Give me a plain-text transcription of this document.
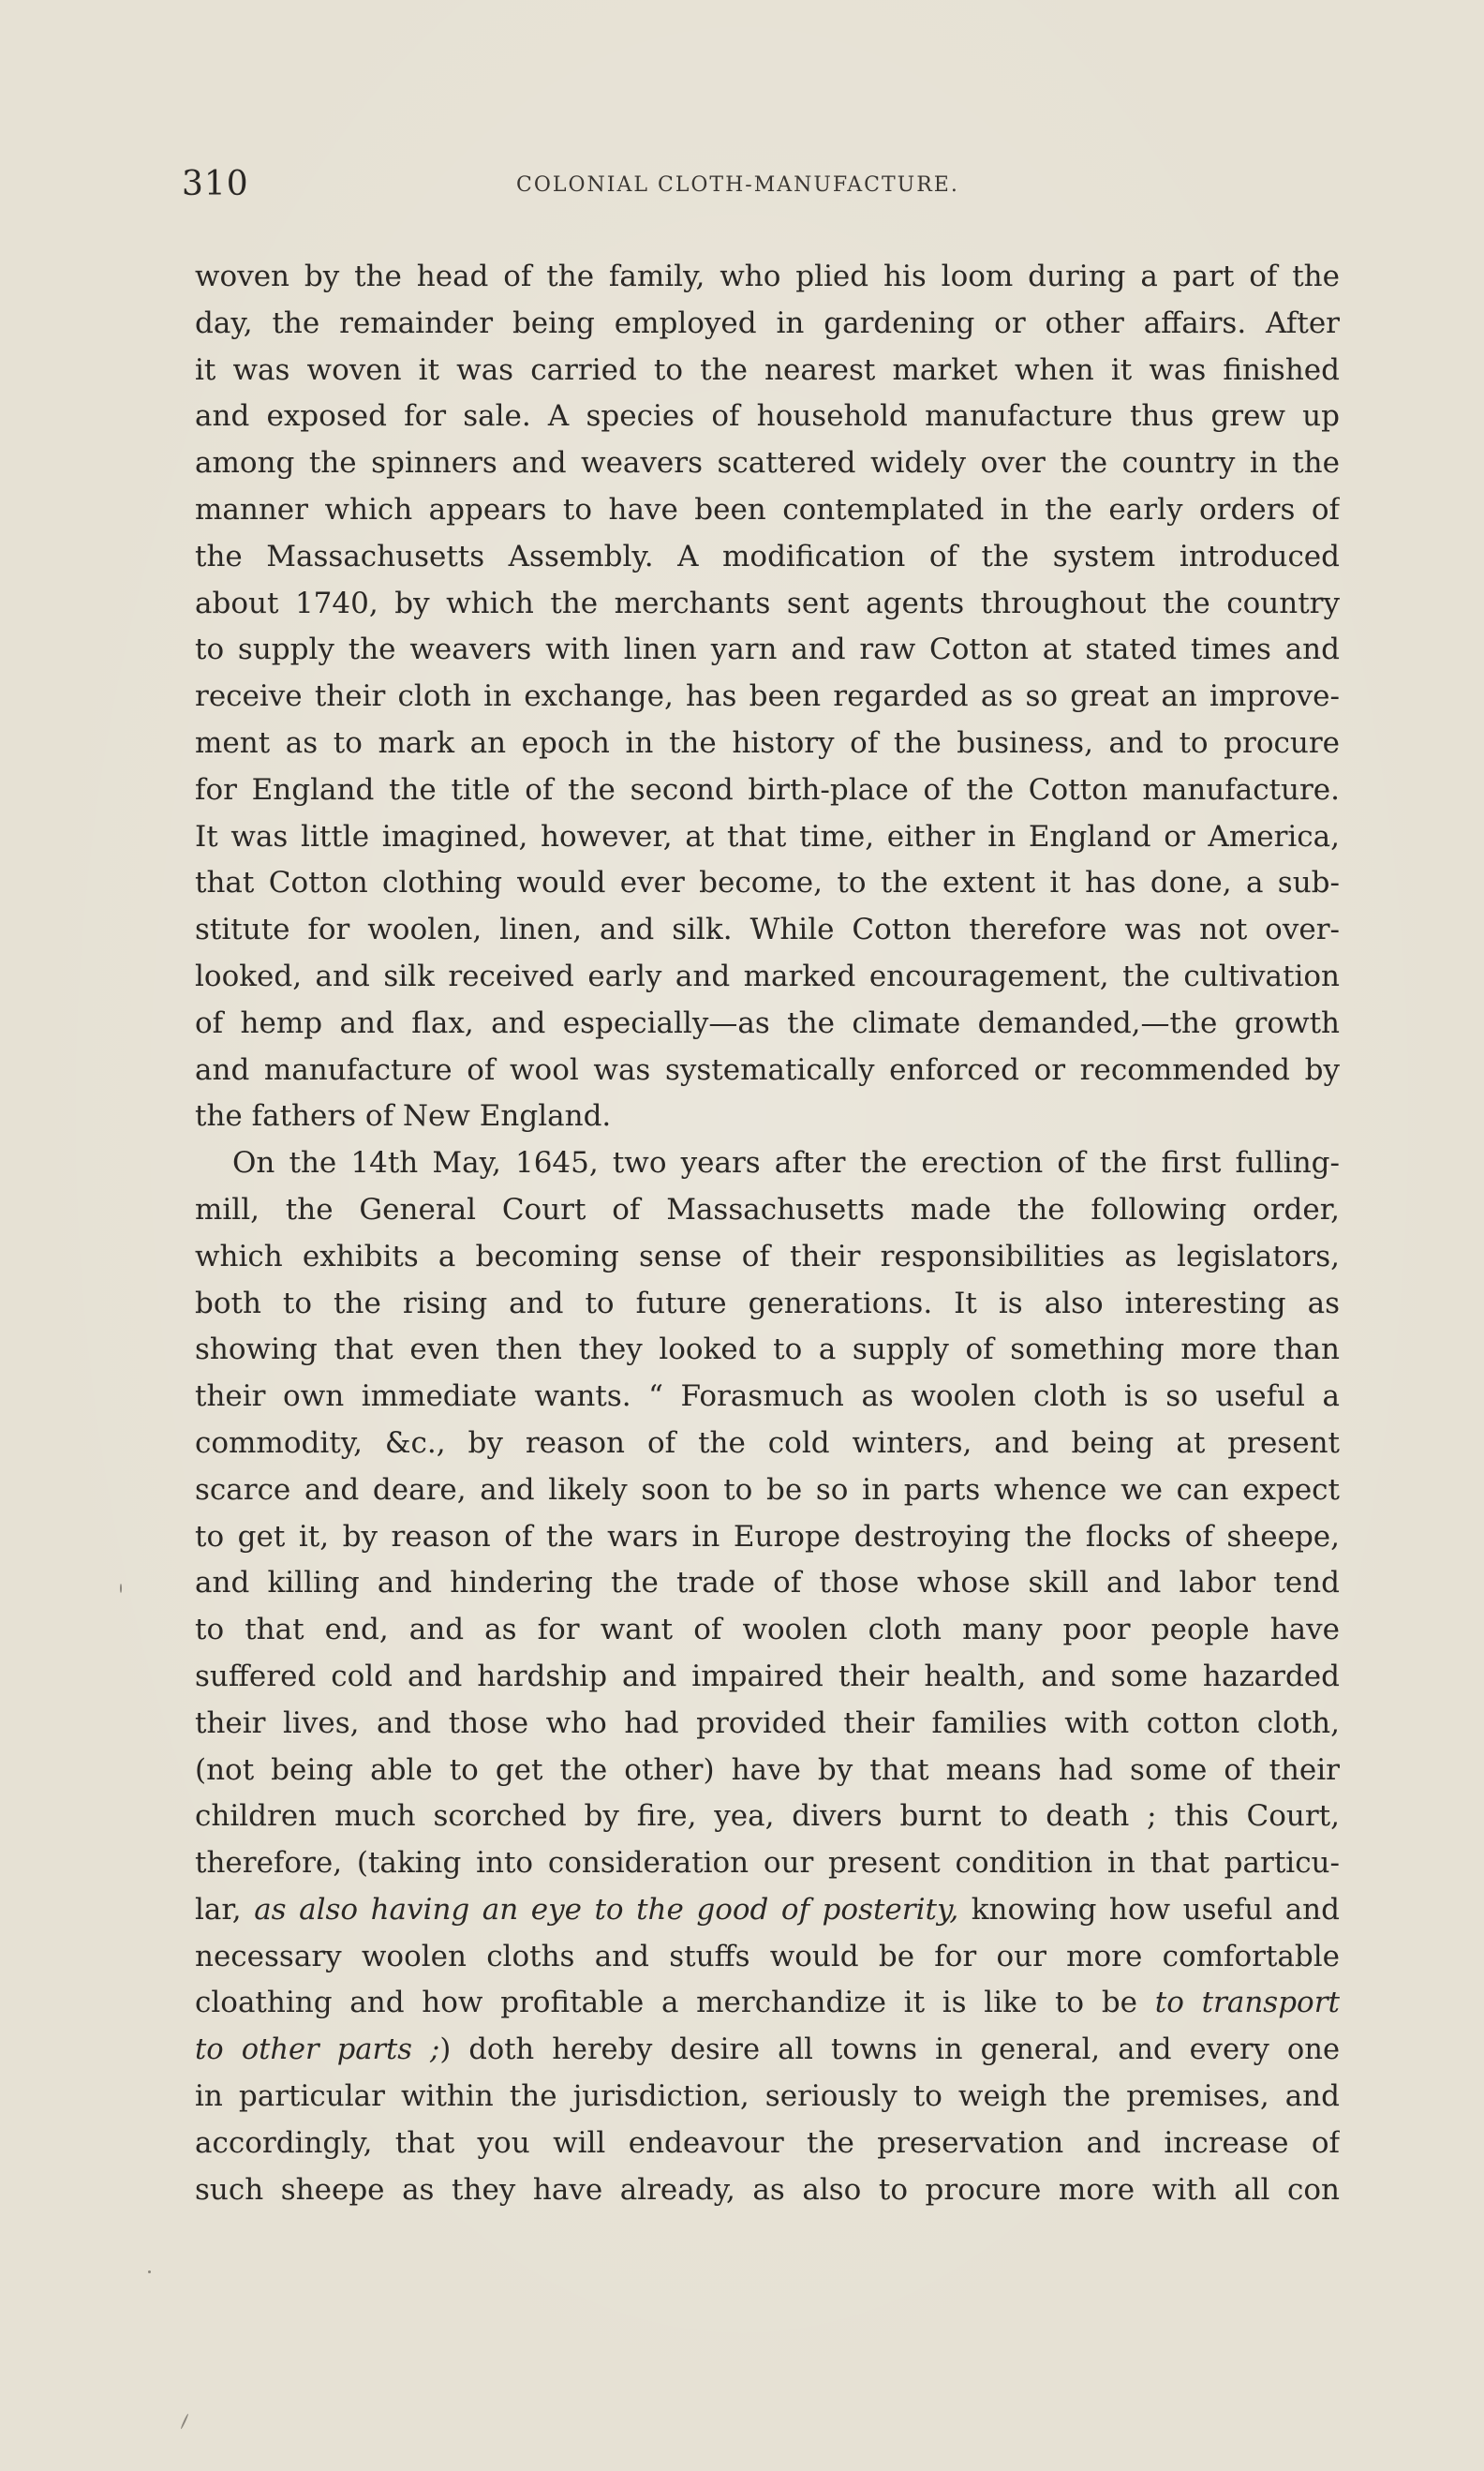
310	COLONIAL CLOTH-MANUFACTURE.
woven by the head of the family, who plied his loom during a part of the
day, the remainder being employed in gardening or other affairs. After
it was woven it was carried to the nearest market when it was finished
and exposed for sale. A species of household manufacture thus grew up
among the spinners and weavers scattered widely over the country in the
manner which appears to have been contemplated in the early orders of
the Massachusetts Assembly. A modification of the system introduced
about 1740, by which the merchants sent agents throughout the country
to supply the weavers with linen yarn and raw Cotton at stated times and
receive their cloth in exchange, has been regarded as so great an improve-
ment as to mark an epoch in the history of the business, and to procure
for England the title of the second birth-place of the Cotton manufacture.
It was little imagined, however, at that time, either in England or America,
that Cotton clothing would ever become, to the extent it has done, a sub-
stitute for woolen, linen, and silk. While Cotton therefore was not over-
looked, and silk received early and marked encouragement, the cultivation
of hemp and flax, and especially—as the climate demanded,—the growth
and manufacture of wool was systematically enforced or recommended by
the fathers of New England.
On the 14th May, 1645, two years after the erection of the first fulling-
mill, the General Court of Massachusetts made the following order,
which exhibits a becoming sense of their responsibilities as legislators,
both to the rising and to future generations. It is also interesting as
showing that even then they looked to a supply of something more than
their own immediate wants. “ Forasmuch as woolen cloth is so useful a
commodity, &c., by reason of the cold winters, and being at present
scarce and deare, and likely soon to be so in parts whence we can expect
to get it, by reason of the wars in Europe destroying the flocks of sheepe,
and killing and hindering the trade of those whose skill and labor tend
to that end, and as for want of woolen cloth many poor people have
suffered cold and hardship and impaired their health, and some hazarded
their lives, and those who had provided their families with cotton cloth,
(not being able to get the other) have by that means had some of their
children much scorched by fire, yea, divers burnt to death ; this Court,
therefore, (taking into consideration our present condition in that particu-
lar, as also having an eye to the good of posterity, knowing how useful and
necessary woolen cloths and stuffs would be for our more comfortable
cloathing and how profitable a merchandize it is like to be to transport
to other parts ;) doth hereby desire all towns in general, and every one
in particular within the jurisdiction, seriously to weigh the premises, and
accordingly, that you will endeavour the preservation and increase of
such sheepe as they have already, as also to procure more with all con
